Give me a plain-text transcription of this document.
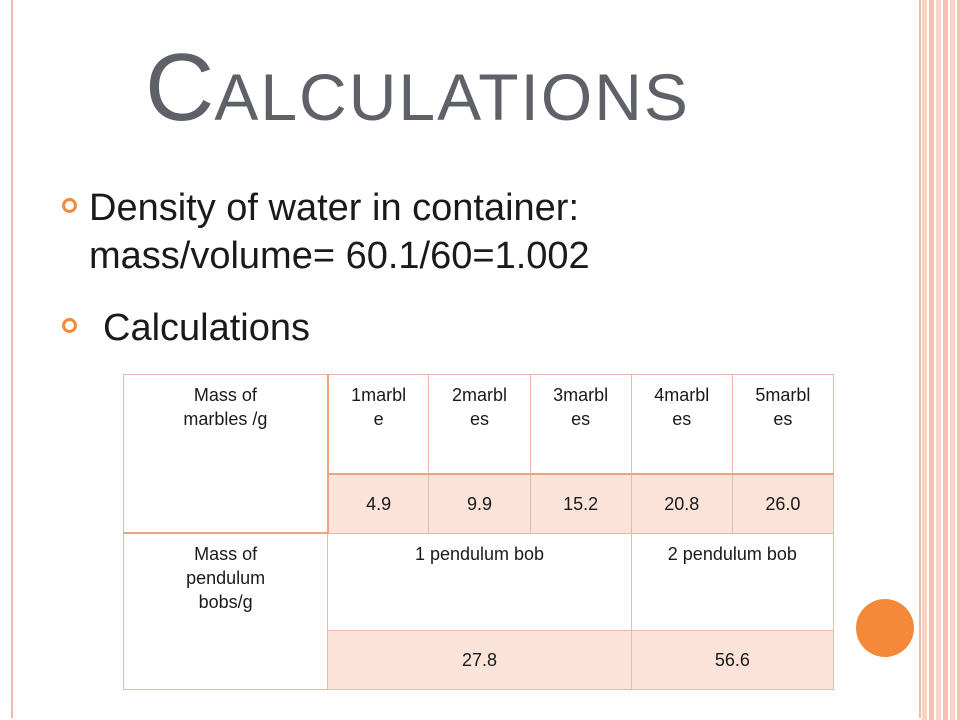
CALCULATIONS
Density of water in container:
mass/volume= 60.1/60=1.002
Calculations
Mass of marbles /g	1marble	2marbles	3marbles	4marbles	5marbles

	4.9	9.9	15.2	20.8	26.0

Mass of pendulum bobs/g	1 pendulum bob			2 pendulum bob	

	27.8			56.6	
